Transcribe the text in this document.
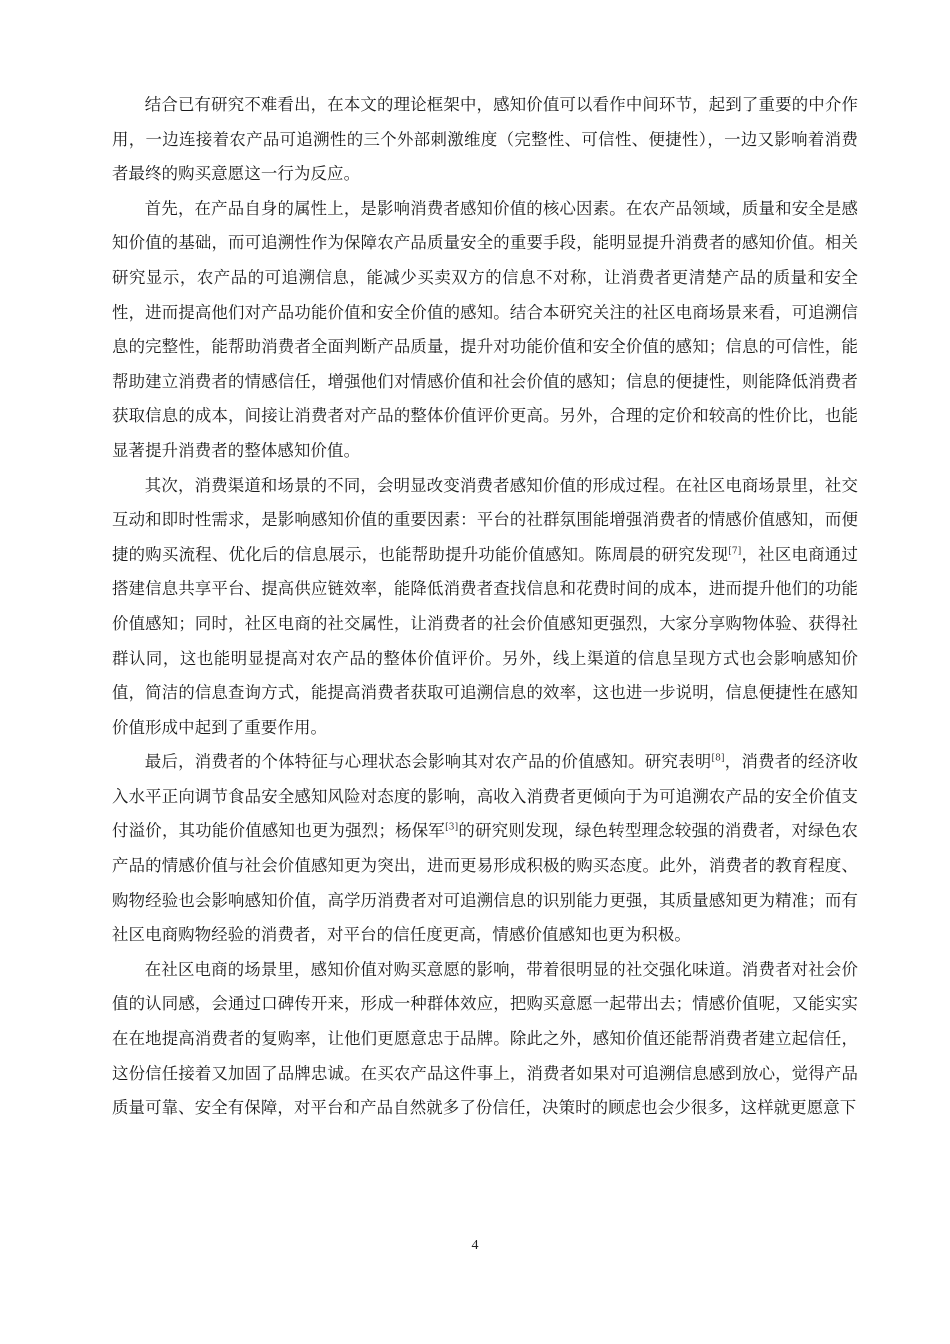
结合已有研究不难看出，在本文的理论框架中，感知价值可以看作中间环节，起到了重要的中介作用，一边连接着农产品可追溯性的三个外部刺激维度（完整性、可信性、便捷性），一边又影响着消费者最终的购买意愿这一行为反应。

首先，在产品自身的属性上，是影响消费者感知价值的核心因素。在农产品领域，质量和安全是感知价值的基础，而可追溯性作为保障农产品质量安全的重要手段，能明显提升消费者的感知价值。相关研究显示，农产品的可追溯信息，能减少买卖双方的信息不对称，让消费者更清楚产品的质量和安全性，进而提高他们对产品功能价值和安全价值的感知。结合本研究关注的社区电商场景来看，可追溯信息的完整性，能帮助消费者全面判断产品质量，提升对功能价值和安全价值的感知；信息的可信性，能帮助建立消费者的情感信任，增强他们对情感价值和社会价值的感知；信息的便捷性，则能降低消费者获取信息的成本，间接让消费者对产品的整体价值评价更高。另外，合理的定价和较高的性价比，也能显著提升消费者的整体感知价值。

其次，消费渠道和场景的不同，会明显改变消费者感知价值的形成过程。在社区电商场景里，社交互动和即时性需求，是影响感知价值的重要因素：平台的社群氛围能增强消费者的情感价值感知，而便捷的购买流程、优化后的信息展示，也能帮助提升功能价值感知。陈周晨的研究发现[7]，社区电商通过搭建信息共享平台、提高供应链效率，能降低消费者查找信息和花费时间的成本，进而提升他们的功能价值感知；同时，社区电商的社交属性，让消费者的社会价值感知更强烈，大家分享购物体验、获得社群认同，这也能明显提高对农产品的整体价值评价。另外，线上渠道的信息呈现方式也会影响感知价值，简洁的信息查询方式，能提高消费者获取可追溯信息的效率，这也进一步说明，信息便捷性在感知价值形成中起到了重要作用。

最后，消费者的个体特征与心理状态会影响其对农产品的价值感知。研究表明[8]，消费者的经济收入水平正向调节食品安全感知风险对态度的影响，高收入消费者更倾向于为可追溯农产品的安全价值支付溢价，其功能价值感知也更为强烈；杨保军[3]的研究则发现，绿色转型理念较强的消费者，对绿色农产品的情感价值与社会价值感知更为突出，进而更易形成积极的购买态度。此外，消费者的教育程度、购物经验也会影响感知价值，高学历消费者对可追溯信息的识别能力更强，其质量感知更为精准；而有社区电商购物经验的消费者，对平台的信任度更高，情感价值感知也更为积极。

在社区电商的场景里，感知价值对购买意愿的影响，带着很明显的社交强化味道。消费者对社会价值的认同感，会通过口碑传开来，形成一种群体效应，把购买意愿一起带出去；情感价值呢，又能实实在在地提高消费者的复购率，让他们更愿意忠于品牌。除此之外，感知价值还能帮消费者建立起信任，这份信任接着又加固了品牌忠诚。在买农产品这件事上，消费者如果对可追溯信息感到放心，觉得产品质量可靠、安全有保障，对平台和产品自然就多了份信任，决策时的顾虑也会少很多，这样就更愿意下

4
